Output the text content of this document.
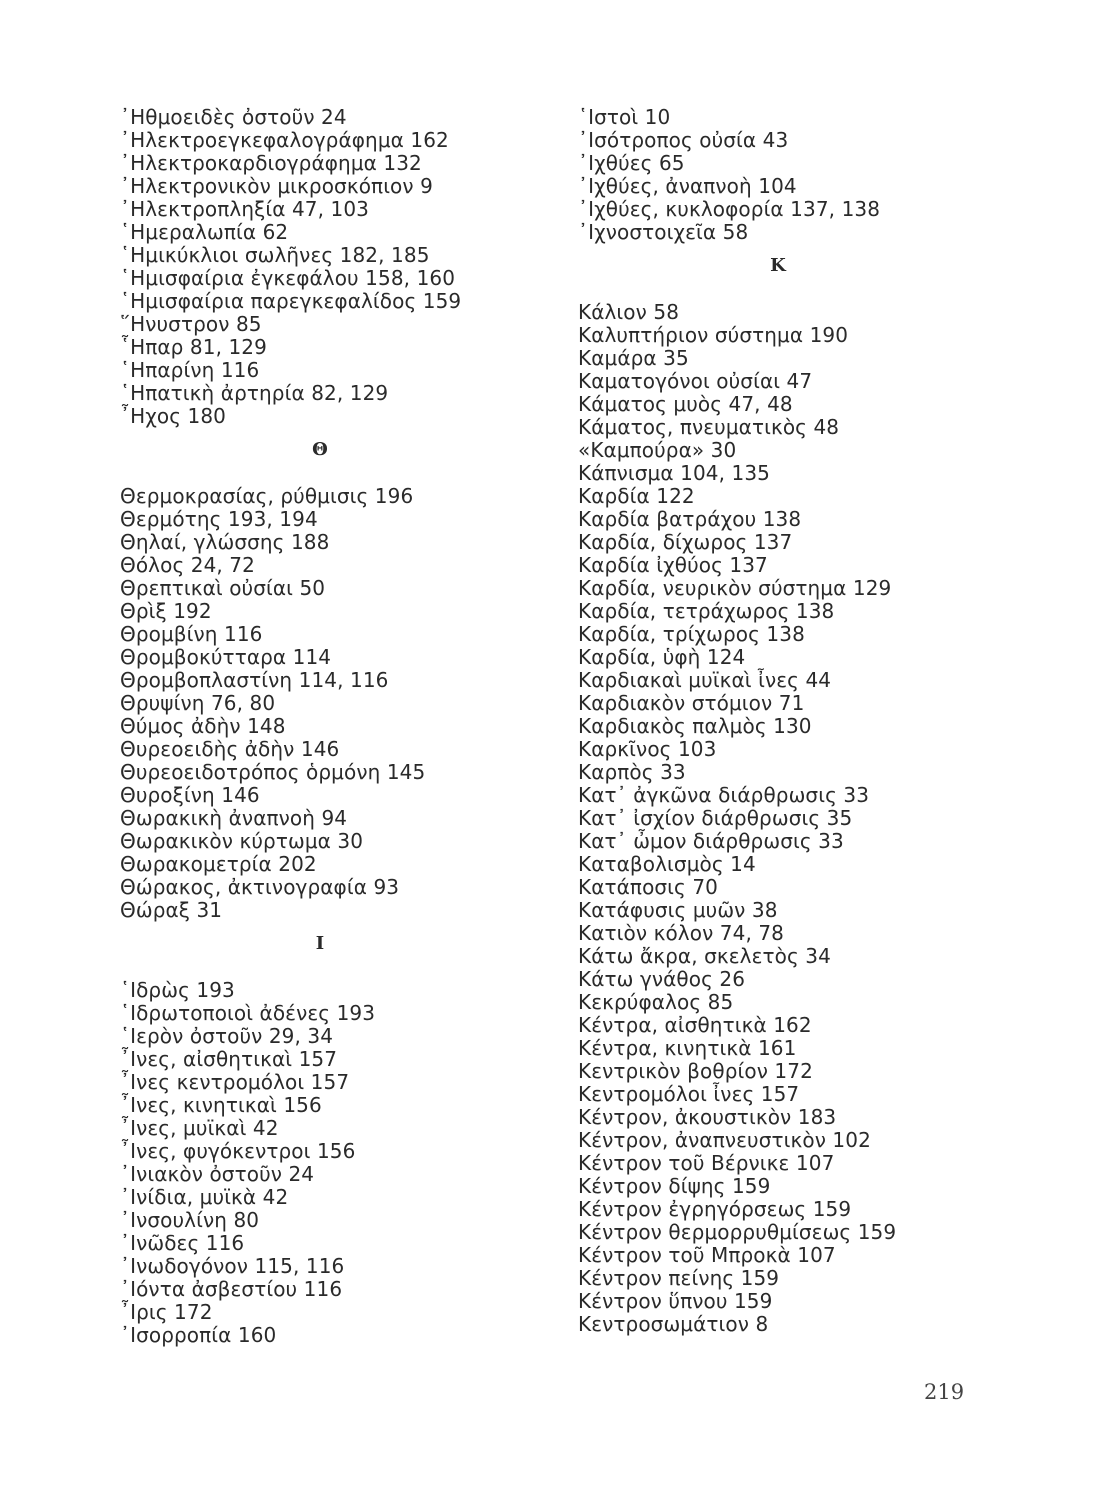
᾽Ηθμοειδὲς ὀστοῦν 24
᾽Ηλεκτροεγκεφαλογράφημα 162
᾽Ηλεκτροκαρδιογράφημα 132
᾽Ηλεκτρονικὸν μικροσκόπιον 9
᾽Ηλεκτροπληξία 47, 103
῾Ημεραλωπία 62
῾Ημικύκλιοι σωλῆνες 182, 185
῾Ημισφαίρια ἐγκεφάλου 158, 160
῾Ημισφαίρια παρεγκεφαλίδος 159
῞Ηνυστρον 85
῟Ηπαρ 81, 129
῾Ηπαρίνη 116
῾Ηπατικὴ ἀρτηρία 82, 129
῏Ηχος 180
Θ
Θερμοκρασίας, ρύθμισις 196
Θερμότης 193, 194
Θηλαί, γλώσσης 188
Θόλος 24, 72
Θρεπτικαὶ οὐσίαι 50
Θρὶξ 192
Θρομβίνη 116
Θρομβοκύτταρα 114
Θρομβοπλαστίνη 114, 116
Θρυψίνη 76, 80
Θύμος ἀδὴν 148
Θυρεοειδὴς ἀδὴν 146
Θυρεοειδοτρόπος ὁρμόνη 145
Θυροξίνη 146
Θωρακικὴ ἀναπνοὴ 94
Θωρακικὸν κύρτωμα 30
Θωρακομετρία 202
Θώρακος, ἀκτινογραφία 93
Θώραξ 31
Ι
῾Ιδρὼς 193
῾Ιδρωτοποιοὶ ἀδένες 193
῾Ιερὸν ὀστοῦν 29, 34
῏Ινες, αἰσθητικαὶ 157
῏Ινες κεντρομόλοι 157
῏Ινες, κινητικαὶ 156
῏Ινες, μυϊκαὶ 42
῏Ινες, φυγόκεντροι 156
᾽Ινιακὸν ὀστοῦν 24
᾽Ινίδια, μυϊκὰ 42
᾽Ινσουλίνη 80
᾽Ινῶδες 116
᾽Ινωδογόνον 115, 116
᾽Ιόντα ἀσβεστίου 116
῏Ιρις 172
᾽Ισορροπία 160
῾Ιστοὶ 10
᾽Ισότροπος οὐσία 43
᾽Ιχθύες 65
᾽Ιχθύες, ἀναπνοὴ 104
᾽Ιχθύες, κυκλοφορία 137, 138
᾽Ιχνοστοιχεῖα 58
Κ
Κάλιον 58
Καλυπτήριον σύστημα 190
Καμάρα 35
Καματογόνοι οὐσίαι 47
Κάματος μυὸς 47, 48
Κάματος, πνευματικὸς 48
«Καμπούρα» 30
Κάπνισμα 104, 135
Καρδία 122
Καρδία βατράχου 138
Καρδία, δίχωρος 137
Καρδία ἰχθύος 137
Καρδία, νευρικὸν σύστημα 129
Καρδία, τετράχωρος 138
Καρδία, τρίχωρος 138
Καρδία, ὑφὴ 124
Καρδιακαὶ μυϊκαὶ ἶνες 44
Καρδιακὸν στόμιον 71
Καρδιακὸς παλμὸς 130
Καρκῖνος 103
Καρπὸς 33
Κατ᾽ ἀγκῶνα διάρθρωσις 33
Κατ᾽ ἰσχίον διάρθρωσις 35
Κατ᾽ ὦμον διάρθρωσις 33
Καταβολισμὸς 14
Κατάποσις 70
Κατάφυσις μυῶν 38
Κατιὸν κόλον 74, 78
Κάτω ἄκρα, σκελετὸς 34
Κάτω γνάθος 26
Κεκρύφαλος 85
Κέντρα, αἰσθητικὰ 162
Κέντρα, κινητικὰ 161
Κεντρικὸν βοθρίον 172
Κεντρομόλοι ἶνες 157
Κέντρον, ἀκουστικὸν 183
Κέντρον, ἀναπνευστικὸν 102
Κέντρον τοῦ Βέρνικε 107
Κέντρον δίψης 159
Κέντρον ἐγρηγόρσεως 159
Κέντρον θερμορρυθμίσεως 159
Κέντρον τοῦ Μπροκὰ 107
Κέντρον πείνης 159
Κέντρον ὕπνου 159
Κεντροσωμάτιον 8
219
